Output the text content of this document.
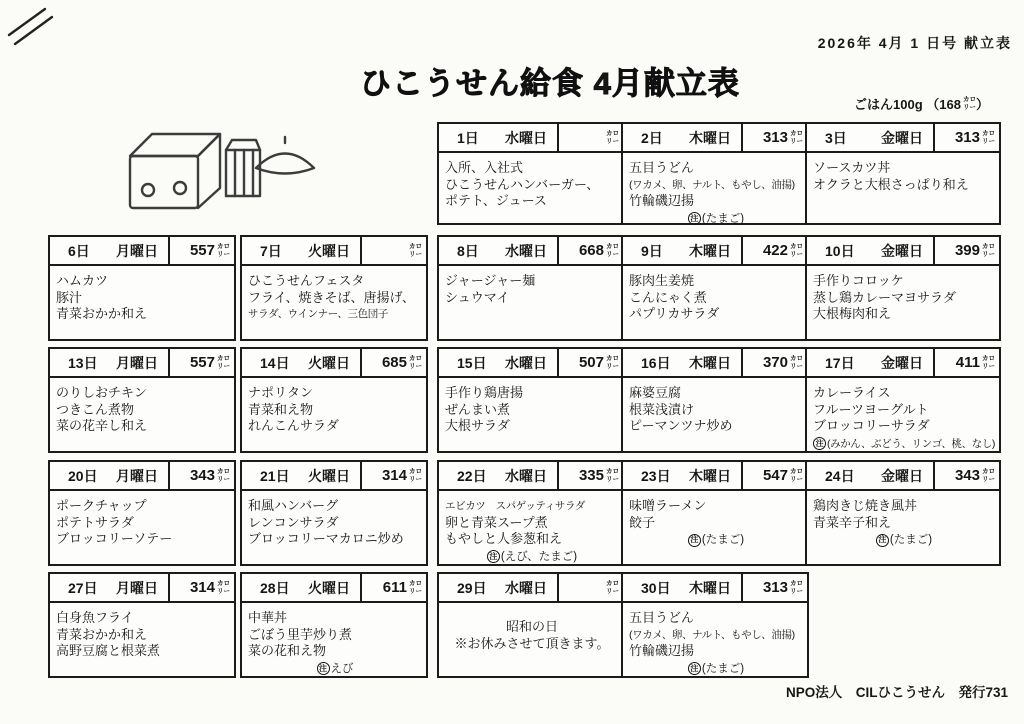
2026年 4月 1 日号 献立表
ひこうせん給食 4月献立表
ごはん100g （168 カロ
リー ）
1日 水曜日	カロ
リー
入所、入社式
ひこうせんハンバーガー、
ポテト、ジュース
2日 木曜日 313 カロ
リー
五目うどん
(ワカメ、卵、ナルト、もやし、油揚)
竹輪磯辺揚
注 (たまご)
3日 金曜日 313 カロ
リー
ソースカツ丼
オクラと大根さっぱり和え
6日 月曜日 557 カロ
リー
ハムカツ
豚汁
青菜おかか和え
7日 火曜日	カロ
リー
ひこうせんフェスタ
フライ、焼きそば、唐揚げ、
サラダ、ウインナー、三色団子
8日 水曜日 668 カロ
リー
ジャージャー麺
シュウマイ
9日 木曜日 422 カロ
リー
豚肉生姜焼
こんにゃく煮
パプリカサラダ
10日 金曜日 399 カロ
リー
手作りコロッケ
蒸し鶏カレーマヨサラダ
大根梅肉和え
13日 月曜日 557 カロ
リー
のりしおチキン
つきこん煮物
菜の花辛し和え
14日 火曜日 685 カロ
リー
ナポリタン
青菜和え物
れんこんサラダ
15日 水曜日 507 カロ
リー
手作り鶏唐揚
ぜんまい煮
大根サラダ
16日 木曜日 370 カロ
リー
麻婆豆腐
根菜浅漬け
ピーマンツナ炒め
17日 金曜日 411 カロ
リー
カレーライス
フルーツヨーグルト
ブロッコリーサラダ
注 (みかん、ぶどう、リンゴ、桃、なし)
20日 月曜日 343 カロ
リー
ポークチャップ
ポテトサラダ
ブロッコリーソテー
21日 火曜日 314 カロ
リー
和風ハンバーグ
レンコンサラダ
ブロッコリーマカロニ炒め
22日 水曜日 335 カロ
リー
エビカツ　スパゲッティサラダ
卵と青菜スープ煮
もやしと人参葱和え
注 (えび、たまご)
23日 木曜日 547 カロ
リー
味噌ラーメン
餃子
注 (たまご)
24日 金曜日 343 カロ
リー
鶏肉きじ焼き風丼
青菜辛子和え
注 (たまご)
27日 月曜日 314 カロ
リー
白身魚フライ
青菜おかか和え
高野豆腐と根菜煮
28日 火曜日 611 カロ
リー
中華丼
ごぼう里芋炒り煮
菜の花和え物
注 えび
29日 水曜日	カロ
リー
昭和の日
※お休みさせて頂きます。
30日 木曜日 313 カロ
リー
五目うどん
(ワカメ、卵、ナルト、もやし、油揚)
竹輪磯辺揚
注 (たまご)
NPO法人　CILひこうせん　発行731
